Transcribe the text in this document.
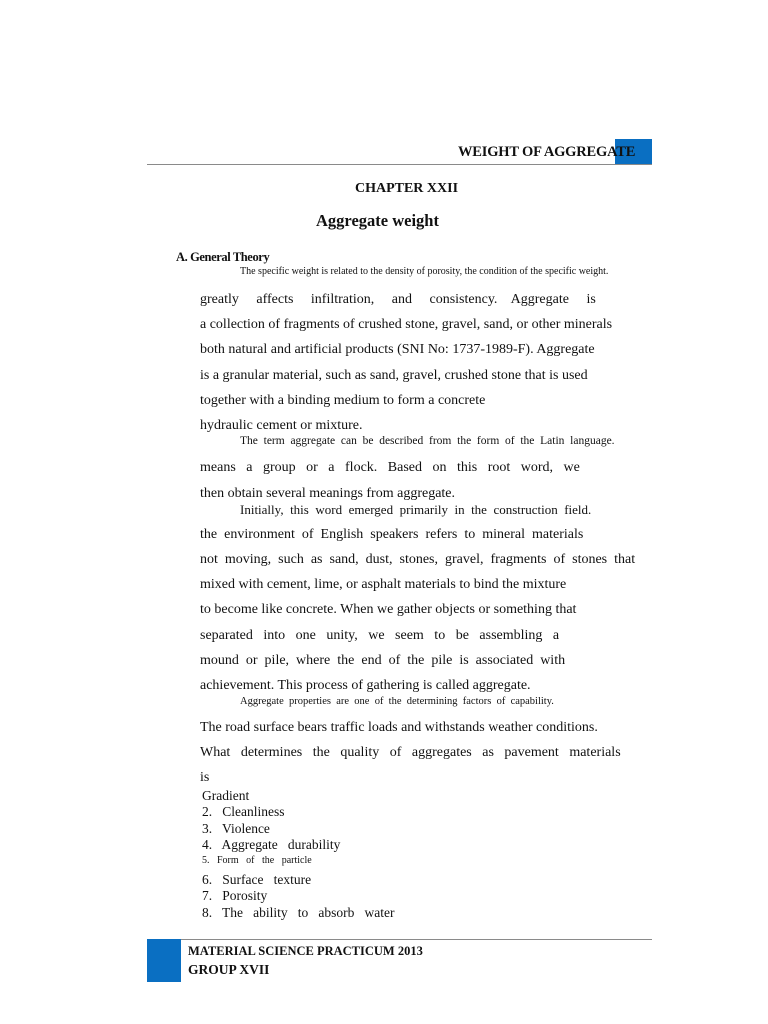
WEIGHT OF AGGREGATE
CHAPTER XXII
Aggregate weight
A. General Theory
The specific weight is related to the density of porosity, the condition of the specific weight.
greatly     affects     infiltration,     and     consistency.    Aggregate     is
a collection of fragments of crushed stone, gravel, sand, or other minerals
both natural and artificial products (SNI No: 1737-1989-F). Aggregate
is a granular material, such as sand, gravel, crushed stone that is used
together with a binding medium to form a concrete
hydraulic cement or mixture.
The  term  aggregate  can  be  described  from  the  form  of  the  Latin  language.
means   a   group   or   a   flock.   Based   on   this   root   word,   we
then obtain several meanings from aggregate.
Initially,  this  word  emerged  primarily  in  the  construction  field.
the  environment  of  English  speakers  refers  to  mineral  materials
not  moving,  such  as  sand,  dust,  stones,  gravel,  fragments  of  stones  that
mixed with cement, lime, or asphalt materials to bind the mixture
to become like concrete. When we gather objects or something that
separated   into   one   unity,   we   seem   to   be   assembling   a
mound  or  pile,  where  the  end  of  the  pile  is  associated  with
achievement. This process of gathering is called aggregate.
Aggregate  properties  are  one  of  the  determining  factors  of  capability.
The road surface bears traffic loads and withstands weather conditions.
What   determines   the   quality   of   aggregates   as   pavement   materials
is
Gradient
2.   Cleanliness
3.   Violence
4.   Aggregate   durability
5.   Form   of   the   particle
6.   Surface   texture
7.   Porosity
8.   The   ability   to   absorb   water
MATERIAL SCIENCE PRACTICUM 2013
GROUP XVII
